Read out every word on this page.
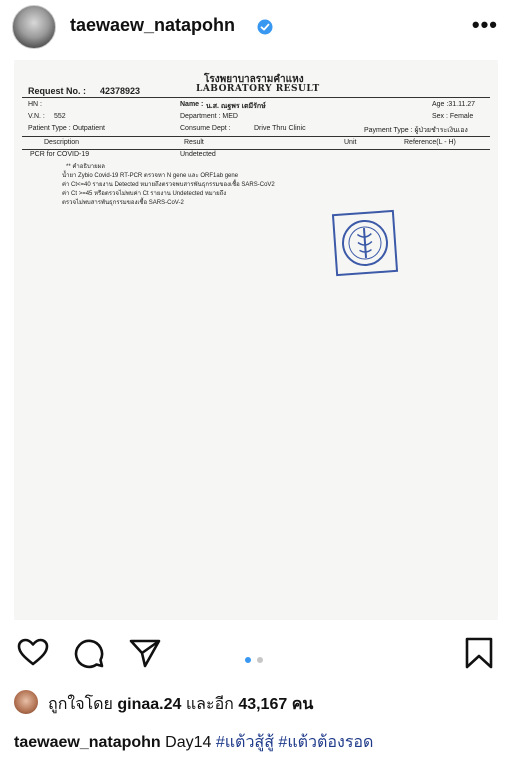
taewaew_natapohn	•••
โรงพยาบาลรามคำแหง
LABORATORY RESULT
Request No. : 42378923
HN :
V.N. : 552
Patient Type : Outpatient
Name : น.ส. ณฐพร เตมีรักษ์
Department : MED
Consume Dept :	Drive Thru Clinic
Age :31.11.27
Sex : Female
Payment Type : ผู้ป่วยชำระเงินเอง
Description	Result	Unit	Reference(L - H)
PCR for COVID-19	Undetected
** คำอธิบายผล
น้ำยา Zybio Covid-19 RT-PCR ตรวจหา N gene และ ORF1ab gene
ค่า Ct<=40 รายงาน Detected หมายถึงตรวจพบสารพันธุกรรมของเชื้อ SARS-CoV2
ค่า Ct >=45 หรือตรวจไม่พบค่า Ct รายงาน Undetected หมายถึง
ตรวจไม่พบสารพันธุกรรมของเชื้อ SARS-CoV-2

ถูกใจโดย ginaa.24 และอีก 43,167 คน
taewaew_natapohn Day14 #แต้วสู้สู้ #แต้วต้องรอด
